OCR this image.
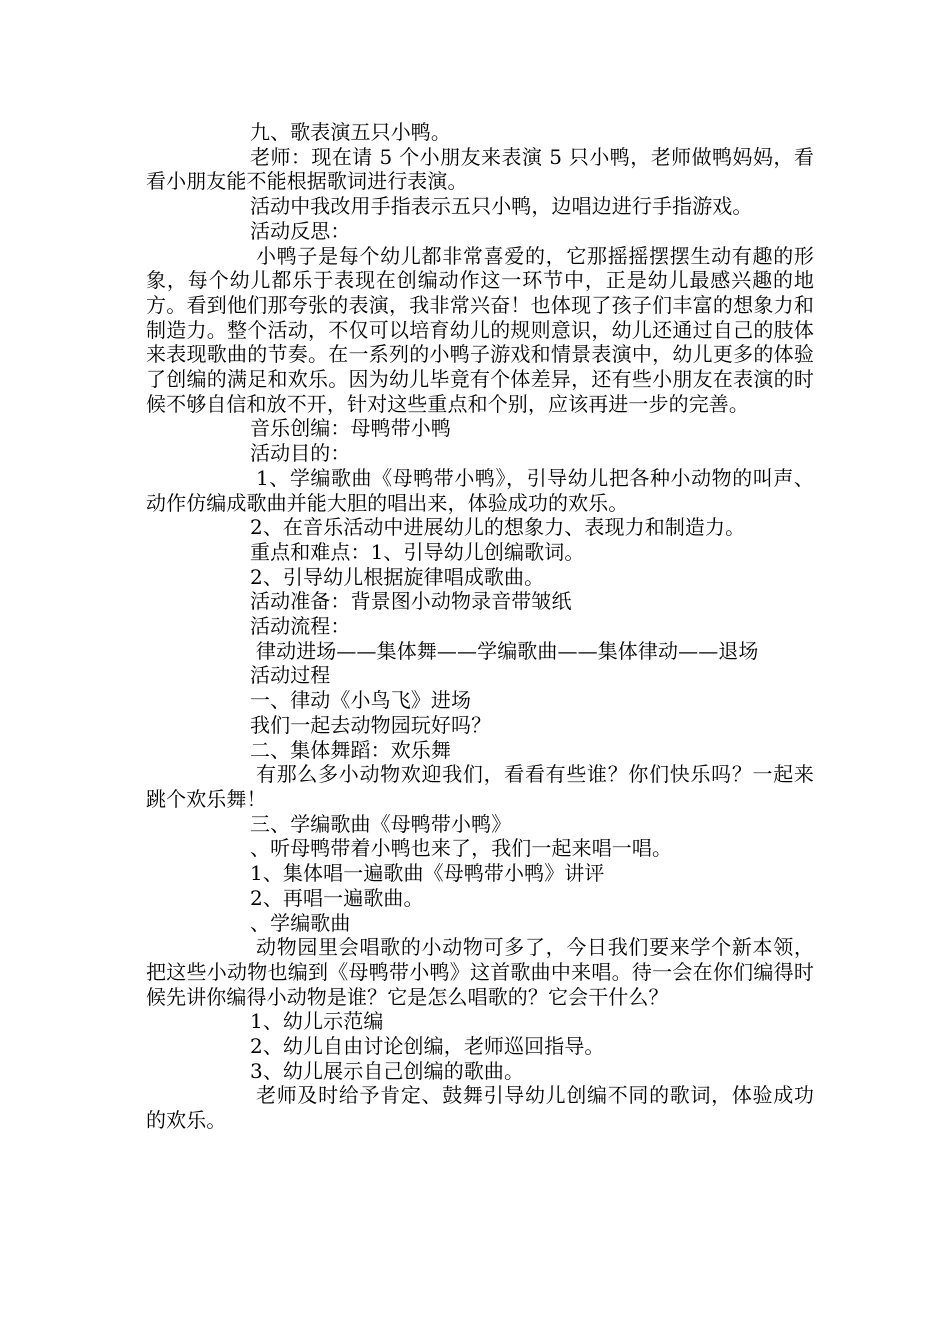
九、歌表演五只小鸭。

老师：现在请 5 个小朋友来表演 5 只小鸭，老师做鸭妈妈，看看小朋友能不能根据歌词进行表演。

活动中我改用手指表示五只小鸭，边唱边进行手指游戏。

活动反思：

小鸭子是每个幼儿都非常喜爱的，它那摇摇摆摆生动有趣的形象，每个幼儿都乐于表现在创编动作这一环节中，正是幼儿最感兴趣的地方。看到他们那夸张的表演，我非常兴奋！也体现了孩子们丰富的想象力和制造力。整个活动，不仅可以培育幼儿的规则意识，幼儿还通过自己的肢体来表现歌曲的节奏。在一系列的小鸭子游戏和情景表演中，幼儿更多的体验了创编的满足和欢乐。因为幼儿毕竟有个体差异，还有些小朋友在表演的时候不够自信和放不开，针对这些重点和个别，应该再进一步的完善。

音乐创编：母鸭带小鸭

活动目的：

1、学编歌曲《母鸭带小鸭》，引导幼儿把各种小动物的叫声、动作仿编成歌曲并能大胆的唱出来，体验成功的欢乐。

2、在音乐活动中进展幼儿的想象力、表现力和制造力。

重点和难点：1、引导幼儿创编歌词。

2、引导幼儿根据旋律唱成歌曲。

活动准备：背景图小动物录音带皱纸

活动流程：

律动进场——集体舞——学编歌曲——集体律动——退场

活动过程

一、律动《小鸟飞》进场

我们一起去动物园玩好吗？

二、集体舞蹈：欢乐舞

有那么多小动物欢迎我们，看看有些谁？你们快乐吗？一起来跳个欢乐舞！

三、学编歌曲《母鸭带小鸭》

、听母鸭带着小鸭也来了，我们一起来唱一唱。

1、集体唱一遍歌曲《母鸭带小鸭》讲评

2、再唱一遍歌曲。

、学编歌曲

动物园里会唱歌的小动物可多了，今日我们要来学个新本领，把这些小动物也编到《母鸭带小鸭》这首歌曲中来唱。待一会在你们编得时候先讲你编得小动物是谁？它是怎么唱歌的？它会干什么？

1、幼儿示范编

2、幼儿自由讨论创编，老师巡回指导。

3、幼儿展示自己创编的歌曲。

老师及时给予肯定、鼓舞引导幼儿创编不同的歌词，体验成功的欢乐。
